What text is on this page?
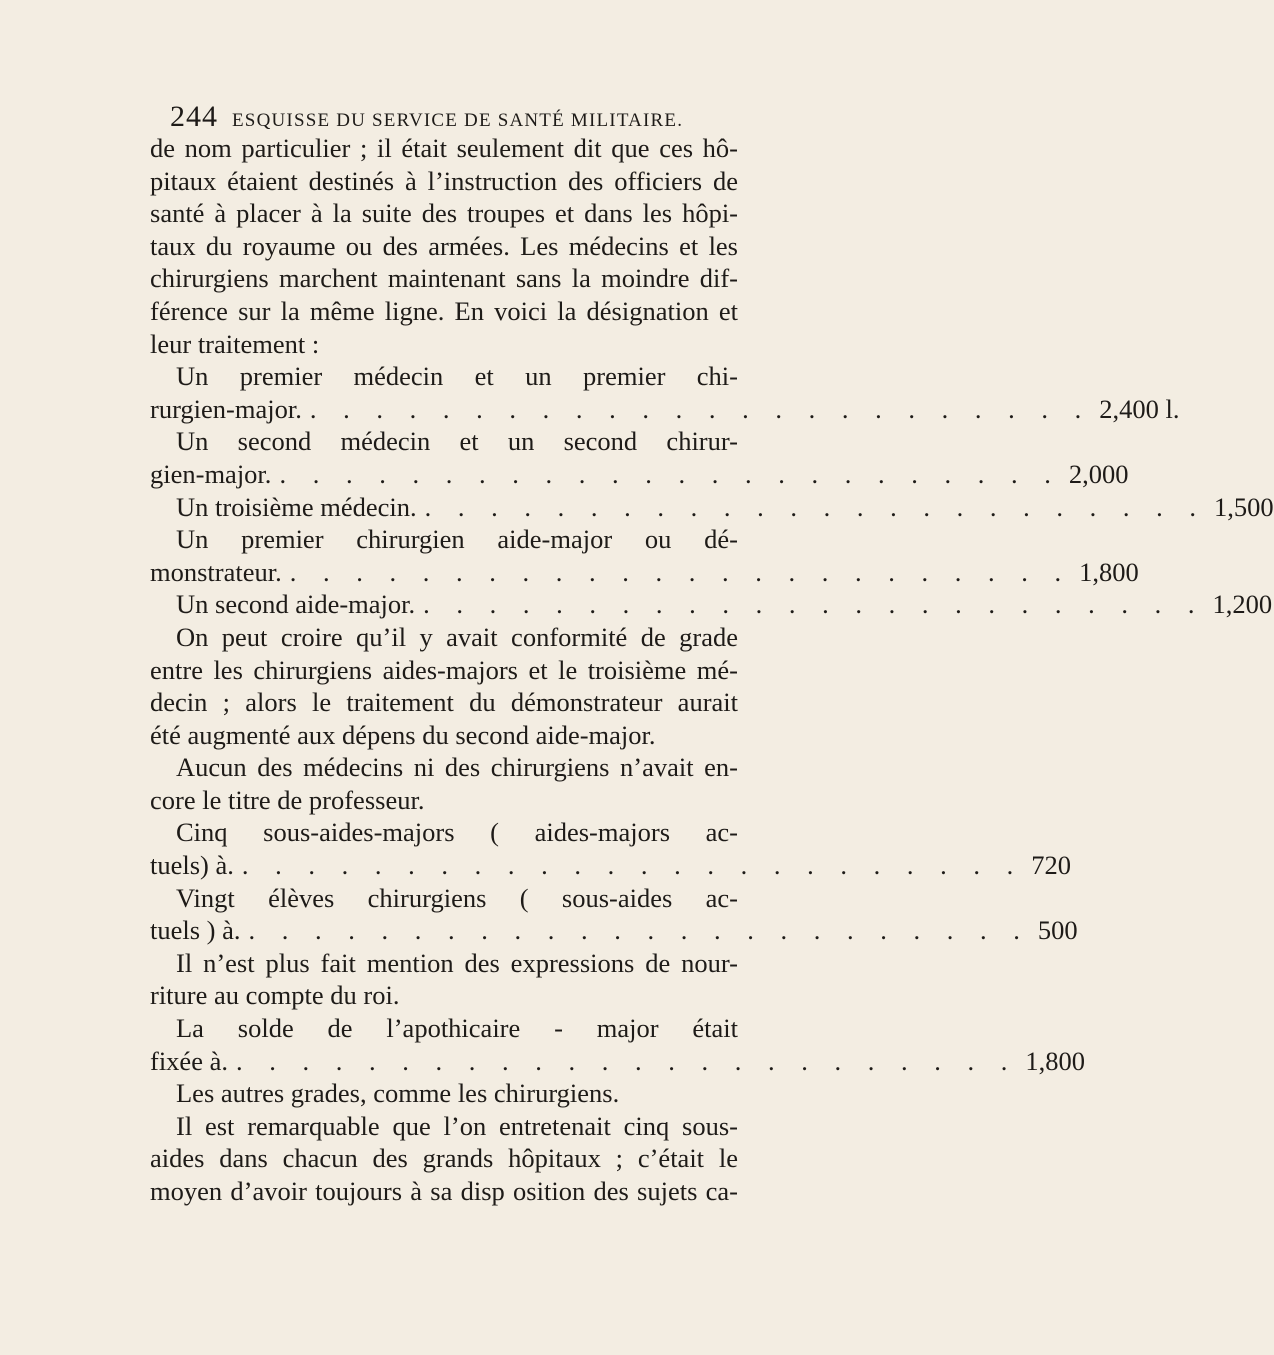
244 ESQUISSE DU SERVICE DE SANTÉ MILITAIRE.
de nom particulier ; il était seulement dit que ces hô-
pitaux étaient destinés à l’instruction des officiers de
santé à placer à la suite des troupes et dans les hôpi-
taux du royaume ou des armées. Les médecins et les
chirurgiens marchent maintenant sans la moindre dif-
férence sur la même ligne. En voici la désignation et
leur traitement :
Un premier médecin et un premier chi-
rurgien-major. . . . . . . . . . . . . . . . . . . . . . . . . 2,400 l.
Un second médecin et un second chirur-
gien-major. . . . . . . . . . . . . . . . . . . . . . . . . 2,000
Un troisième médecin. . . . . . . . . . . . . . . . . . . . . . . . . 1,500
Un premier chirurgien aide-major ou dé-
monstrateur. . . . . . . . . . . . . . . . . . . . . . . . . 1,800
Un second aide-major. . . . . . . . . . . . . . . . . . . . . . . . . 1,200
On peut croire qu’il y avait conformité de grade
entre les chirurgiens aides-majors et le troisième mé-
decin ; alors le traitement du démonstrateur aurait
été augmenté aux dépens du second aide-major.
Aucun des médecins ni des chirurgiens n’avait en-
core le titre de professeur.
Cinq sous-aides-majors ( aides-majors ac-
tuels) à. . . . . . . . . . . . . . . . . . . . . . . . . 720
Vingt élèves chirurgiens ( sous-aides ac-
tuels ) à. . . . . . . . . . . . . . . . . . . . . . . . . 500
Il n’est plus fait mention des expressions de nour-
riture au compte du roi.
La solde de l’apothicaire - major était
fixée à. . . . . . . . . . . . . . . . . . . . . . . . . 1,800
Les autres grades, comme les chirurgiens.
Il est remarquable que l’on entretenait cinq sous-
aides dans chacun des grands hôpitaux ; c’était le
moyen d’avoir toujours à sa disp osition des sujets ca-
